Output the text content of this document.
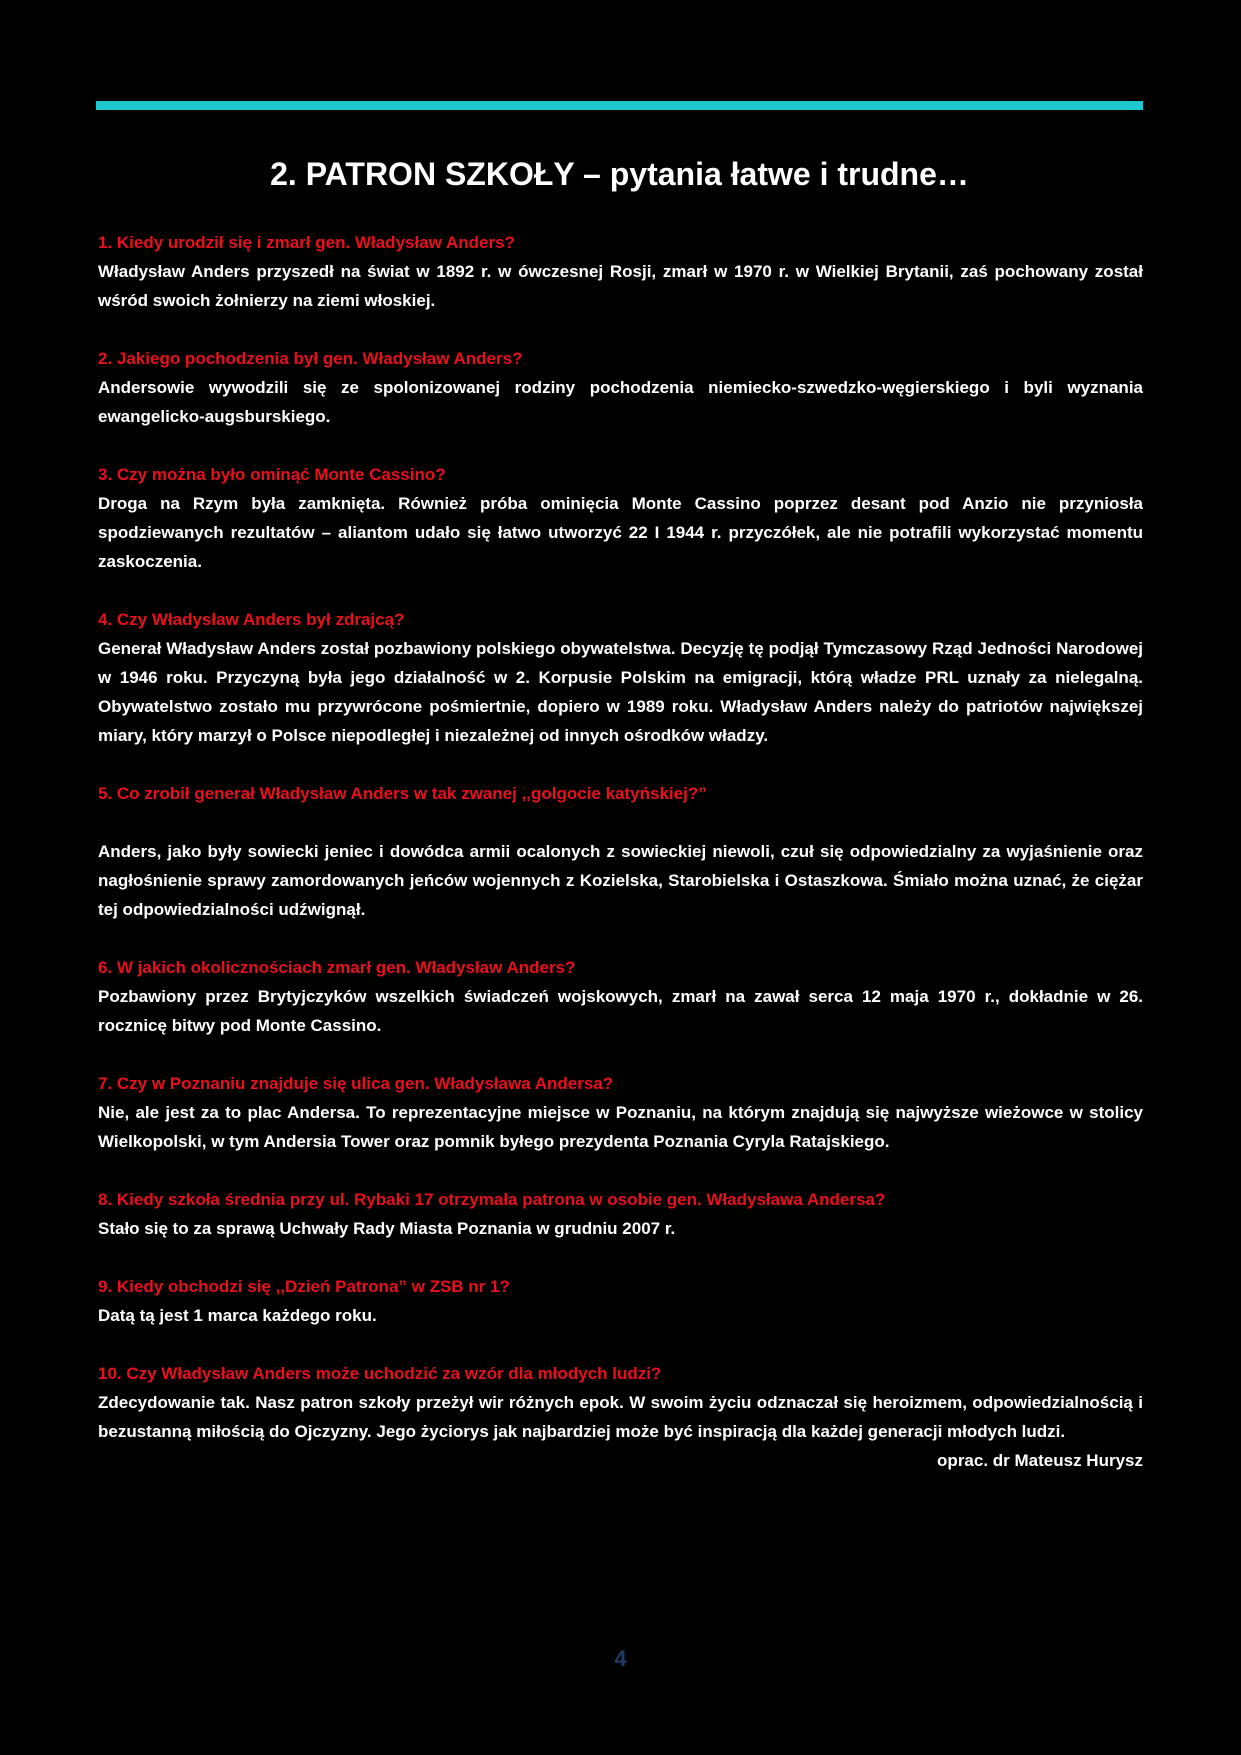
2. PATRON SZKOŁY – pytania łatwe i trudne…

1. Kiedy urodził się i zmarł gen. Władysław Anders?

Władysław Anders przyszedł na świat w 1892 r. w ówczesnej Rosji, zmarł w 1970 r. w Wielkiej Brytanii, zaś pochowany został wśród swoich żołnierzy na ziemi włoskiej.

2. Jakiego pochodzenia był gen. Władysław Anders?

Andersowie wywodzili się ze spolonizowanej rodziny pochodzenia niemiecko-szwedzko-węgierskiego i byli wyznania ewangelicko-augsburskiego.

3. Czy można było ominąć Monte Cassino?

Droga na Rzym była zamknięta. Również próba ominięcia Monte Cassino poprzez desant pod Anzio nie przyniosła spodziewanych rezultatów – aliantom udało się łatwo utworzyć 22 I 1944 r. przyczółek, ale nie potrafili wykorzystać momentu zaskoczenia.

4. Czy Władysław Anders był zdrajcą?

Generał Władysław Anders został pozbawiony polskiego obywatelstwa. Decyzję tę podjął Tymczasowy Rząd Jedności Narodowej w 1946 roku. Przyczyną była jego działalność w 2. Korpusie Polskim na emigracji, którą władze PRL uznały za nielegalną. Obywatelstwo zostało mu przywrócone pośmiertnie, dopiero w 1989 roku. Władysław Anders należy do patriotów największej miary, który marzył o Polsce niepodległej i niezależnej od innych ośrodków władzy.

5. Co zrobił generał Władysław Anders w tak zwanej ,,golgocie katyńskiej?”

Anders, jako były sowiecki jeniec i dowódca armii ocalonych z sowieckiej niewoli, czuł się odpowiedzialny za wyjaśnienie oraz nagłośnienie sprawy zamordowanych jeńców wojennych z Kozielska, Starobielska i Ostaszkowa. Śmiało można uznać, że ciężar tej odpowiedzialności udźwignął.

6. W jakich okolicznościach zmarł gen. Władysław Anders?

Pozbawiony przez Brytyjczyków wszelkich świadczeń wojskowych, zmarł na zawał serca 12 maja 1970 r., dokładnie w 26. rocznicę bitwy pod Monte Cassino.

7. Czy w Poznaniu znajduje się ulica gen. Władysława Andersa?

Nie, ale jest za to plac Andersa. To reprezentacyjne miejsce w Poznaniu, na którym znajdują się najwyższe wieżowce w stolicy Wielkopolski, w tym Andersia Tower oraz pomnik byłego prezydenta Poznania Cyryla Ratajskiego.

8. Kiedy szkoła średnia przy ul. Rybaki 17 otrzymała patrona w osobie gen. Władysława Andersa?

Stało się to za sprawą Uchwały Rady Miasta Poznania w grudniu 2007 r.

9. Kiedy obchodzi się ,,Dzień Patrona” w ZSB nr 1?

Datą tą jest 1 marca każdego roku.

10. Czy Władysław Anders może uchodzić za wzór dla młodych ludzi?

Zdecydowanie tak. Nasz patron szkoły przeżył wir różnych epok. W swoim życiu odznaczał się heroizmem, odpowiedzialnością i bezustanną miłością do Ojczyzny. Jego życiorys jak najbardziej może być inspiracją dla każdej generacji młodych ludzi.

oprac. dr Mateusz Hurysz

4
